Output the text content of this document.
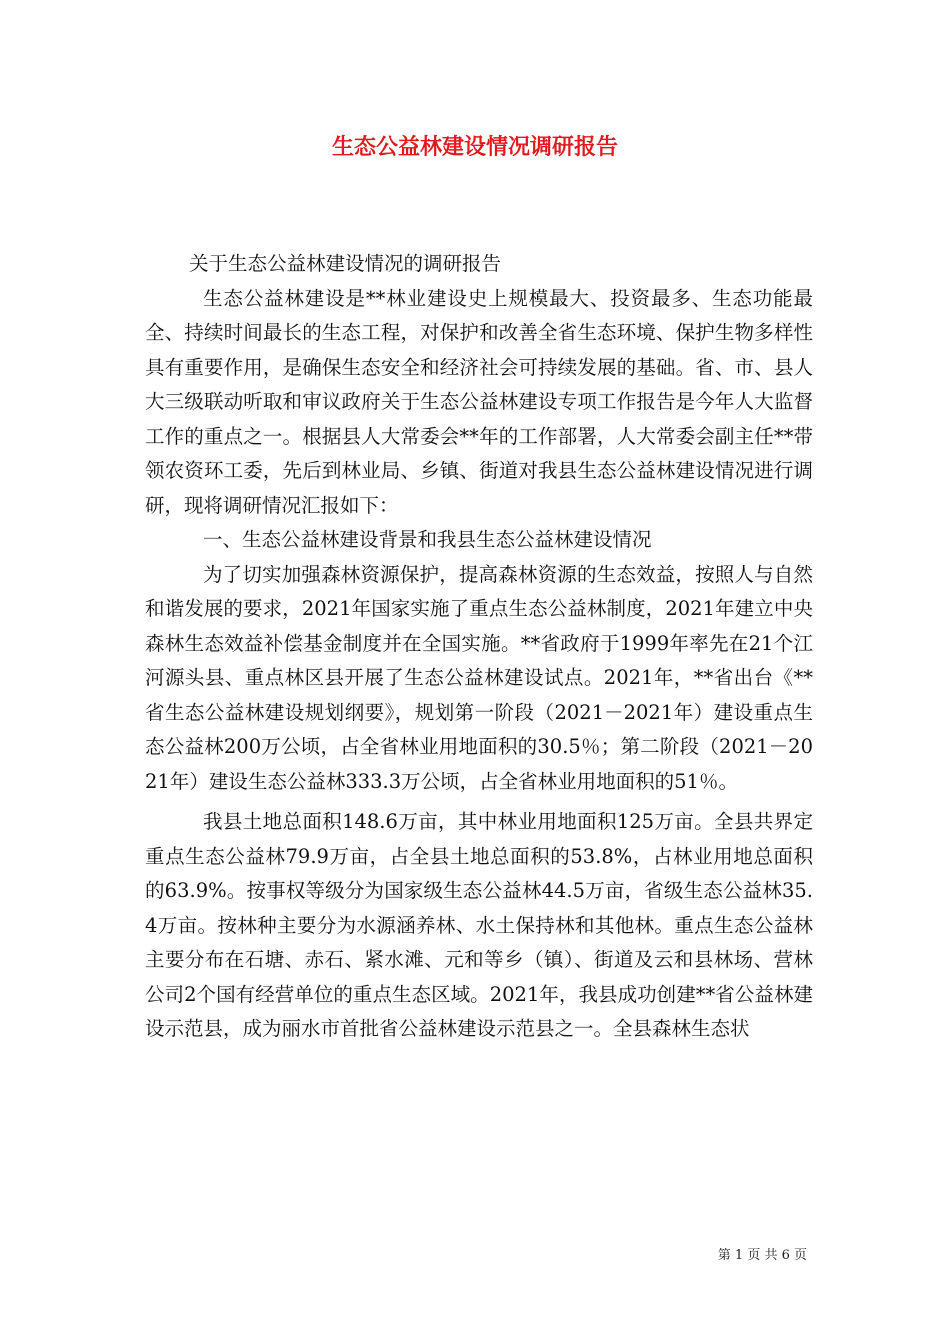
生态公益林建设情况调研报告

关于生态公益林建设情况的调研报告

生态公益林建设是**林业建设史上规模最大、投资最多、生态功能最全、持续时间最长的生态工程，对保护和改善全省生态环境、保护生物多样性具有重要作用，是确保生态安全和经济社会可持续发展的基础。省、市、县人大三级联动听取和审议政府关于生态公益林建设专项工作报告是今年人大监督工作的重点之一。根据县人大常委会**年的工作部署，人大常委会副主任**带领农资环工委，先后到林业局、乡镇、街道对我县生态公益林建设情况进行调研，现将调研情况汇报如下：

一、生态公益林建设背景和我县生态公益林建设情况

为了切实加强森林资源保护，提高森林资源的生态效益，按照人与自然和谐发展的要求，2021年国家实施了重点生态公益林制度，2021年建立中央森林生态效益补偿基金制度并在全国实施。**省政府于1999年率先在21个江河源头县、重点林区县开展了生态公益林建设试点。2021年，**省出台《**省生态公益林建设规划纲要》，规划第一阶段（2021－2021年）建设重点生态公益林200万公顷，占全省林业用地面积的30.5％；第二阶段（2021－2021年）建设生态公益林333.3万公顷，占全省林业用地面积的51％。

我县土地总面积148.6万亩，其中林业用地面积125万亩。全县共界定重点生态公益林79.9万亩，占全县土地总面积的53.8%，占林业用地总面积的63.9%。按事权等级分为国家级生态公益林44.5万亩，省级生态公益林35.4万亩。按林种主要分为水源涵养林、水土保持林和其他林。重点生态公益林主要分布在石塘、赤石、紧水滩、元和等乡（镇）、街道及云和县林场、营林公司2个国有经营单位的重点生态区域。2021年，我县成功创建**省公益林建设示范县，成为丽水市首批省公益林建设示范县之一。全县森林生态状

第 1 页 共 6 页
